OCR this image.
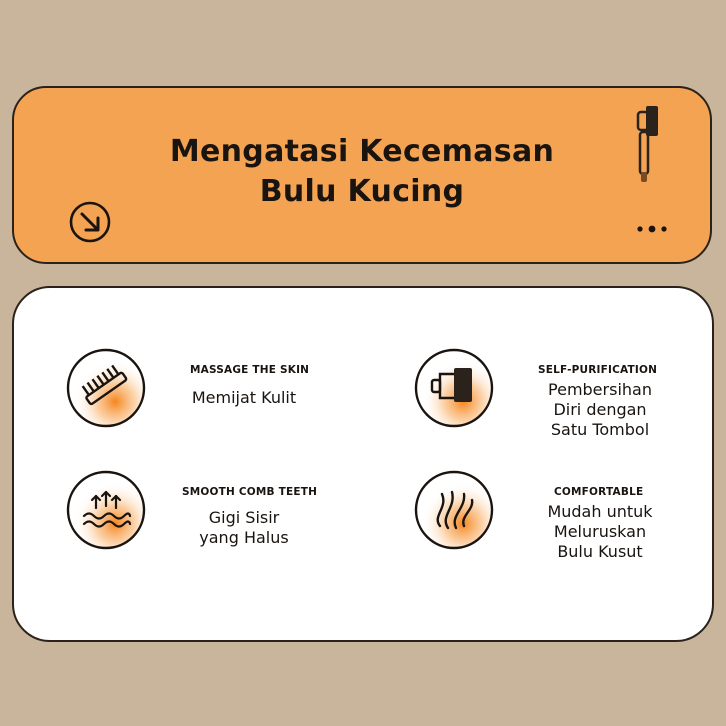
Mengatasi Kecemasan
Bulu Kucing
MASSAGE THE SKIN
Memijat Kulit
SELF-PURIFICATION
Pembersihan
Diri dengan
Satu Tombol
SMOOTH COMB TEETH
Gigi Sisir
yang Halus
COMFORTABLE
Mudah untuk
Meluruskan
Bulu Kusut
